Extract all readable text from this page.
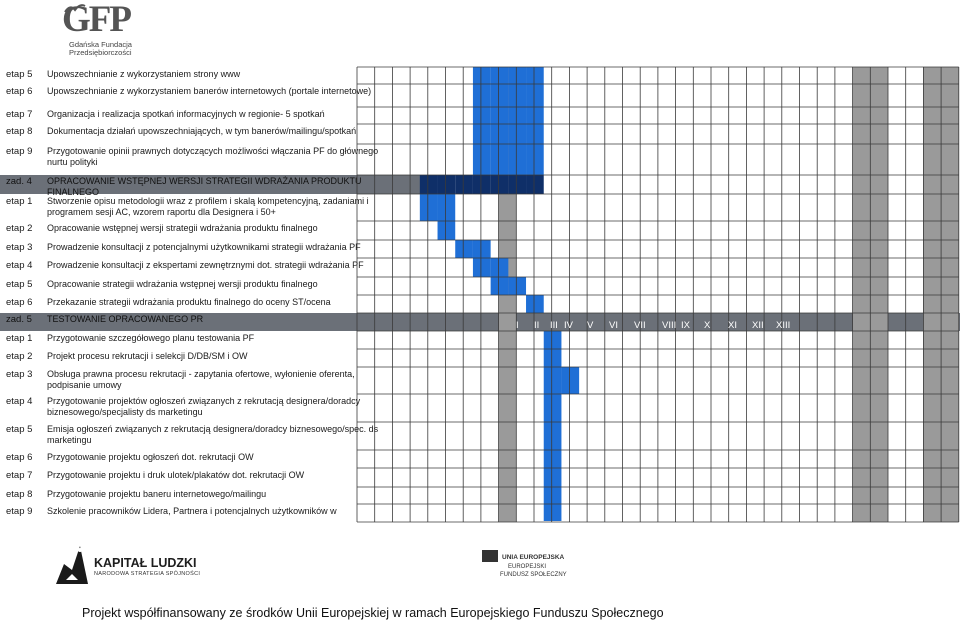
GFP
Gdańska Fundacja
Przedsiębiorczości
etap 5 Upowszechnianie z wykorzystaniem strony www
etap 6 Upowszechnianie z wykorzystaniem banerów internetowych (portale internetowe)
etap 7 Organizacja i realizacja spotkań informacyjnych w regionie- 5 spotkań
etap 8 Dokumentacja działań upowszechniających, w tym banerów/mailingu/spotkań
etap 9 Przygotowanie opinii prawnych dotyczących możliwości włączania PF do głównego nurtu polityki
zad. 4 OPRACOWANIE WSTĘPNEJ WERSJI STRATEGII WDRAŻANIA PRODUKTU FINALNEGO
etap 1 Stworzenie opisu metodologii wraz z profilem i skalą kompetencyjną, zadaniami i programem sesji AC, wzorem raportu dla Designera i 50+
etap 2 Opracowanie wstępnej wersji strategii wdrażania produktu finalnego
etap 3 Prowadzenie konsultacji z potencjalnymi użytkownikami strategii wdrażania PF
etap 4 Prowadzenie konsultacji z ekspertami zewnętrznymi dot. strategii wdrażania PF
etap 5 Opracowanie strategii wdrażania wstępnej wersji produktu finalnego
etap 6 Przekazanie strategii wdrażania produktu finalnego do oceny ST/ocena
zad. 5 TESTOWANIE OPRACOWANEGO PR
etap 1 Przygotowanie szczegółowego planu testowania PF
etap 2 Projekt procesu rekrutacji i selekcji D/DB/SM i OW
etap 3 Obsługa prawna procesu rekrutacji - zapytania ofertowe, wyłonienie oferenta, podpisanie umowy
etap 4 Przygotowanie projektów ogłoszeń związanych z rekrutacją designera/doradcy biznesowego/specjalisty ds marketingu
etap 5 Emisja ogłoszeń związanych z rekrutacją designera/doradcy biznesowego/spec. ds marketingu
etap 6 Przygotowanie projektu ogłoszeń dot. rekrutacji OW
etap 7 Przygotowanie projektu i druk ulotek/plakatów dot. rekrutacji OW
etap 8 Przygotowanie projektu baneru internetowego/mailingu
etap 9 Szkolenie pracowników Lidera, Partnera i potencjalnych użytkowników w
I II III IV V VI VII VIII IX X XI XII XIII
KAPITAŁ LUDZKI
NARODOWA STRATEGIA SPÓJNOŚCI
UNIA EUROPEJSKA
EUROPEJSKI
FUNDUSZ SPOŁECZNY
Projekt współfinansowany ze środków Unii Europejskiej w ramach Europejskiego Funduszu Społecznego
